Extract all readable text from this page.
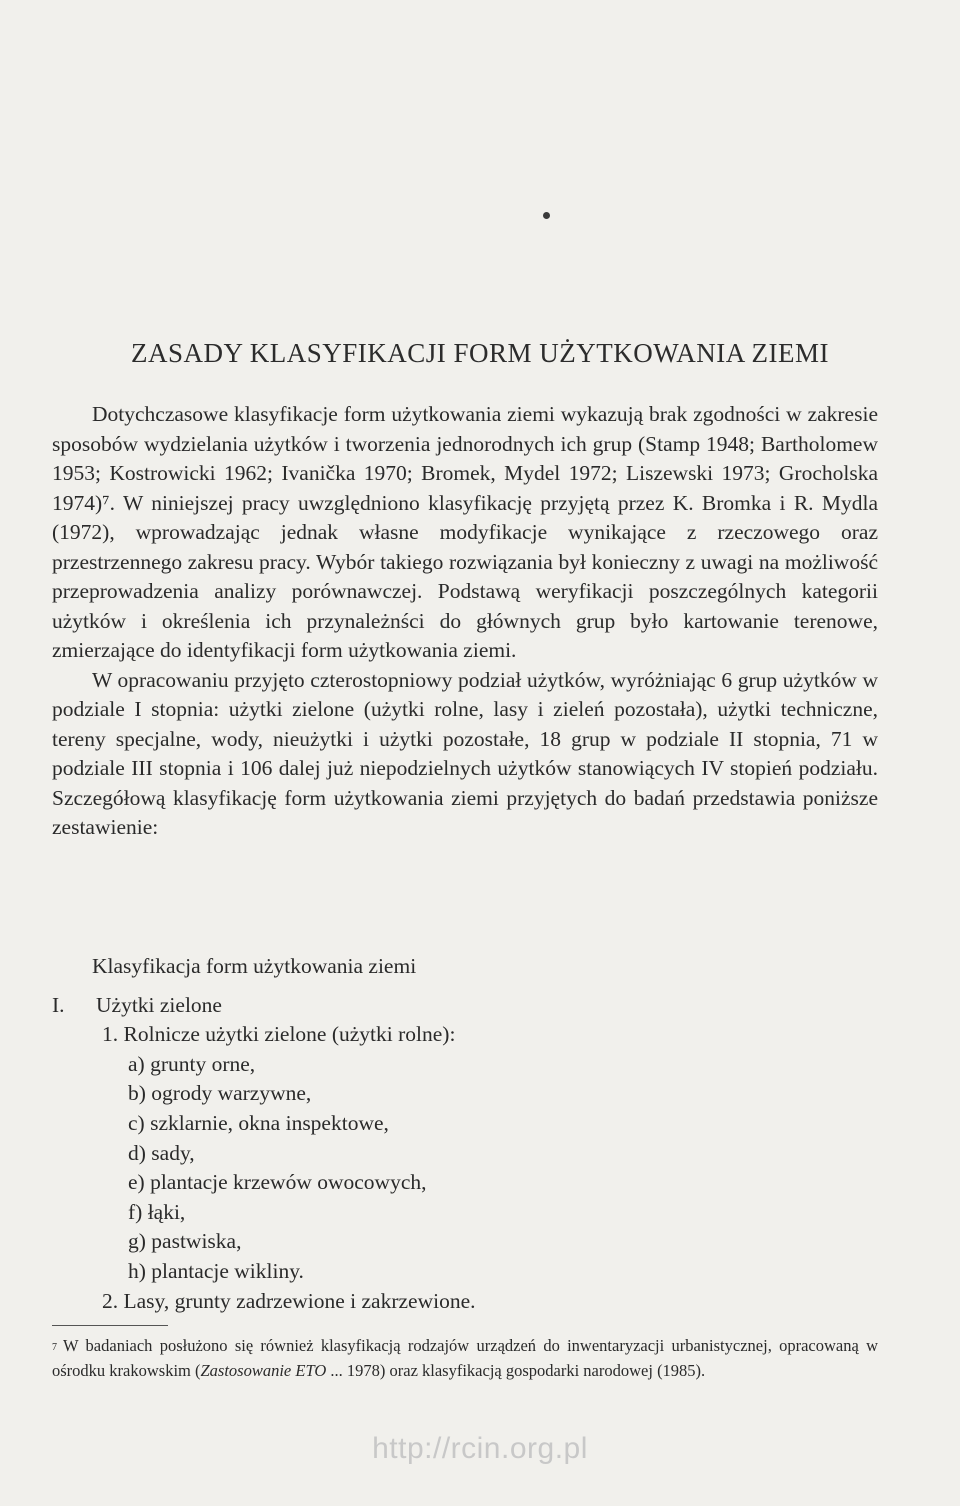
ZASADY KLASYFIKACJI FORM UŻYTKOWANIA ZIEMI

Dotychczasowe klasyfikacje form użytkowania ziemi wykazują brak zgodności w zakresie sposobów wydzielania użytków i tworzenia jednorodnych ich grup (Stamp 1948; Bartholomew 1953; Kostrowicki 1962; Ivanička 1970; Bromek, Mydel 1972; Liszewski 1973; Grocholska 1974)⁷. W niniejszej pracy uwzględniono klasyfikację przyjętą przez K. Bromka i R. Mydla (1972), wprowadzając jednak własne modyfikacje wynikające z rzeczowego oraz przestrzennego zakresu pracy. Wybór takiego rozwiązania był konieczny z uwagi na możliwość przeprowadzenia analizy porównawczej. Podstawą weryfikacji poszczególnych kategorii użytków i określenia ich przynależnści do głównych grup było kartowanie terenowe, zmierzające do identyfikacji form użytkowania ziemi.

W opracowaniu przyjęto czterostopniowy podział użytków, wyróżniając 6 grup użytków w podziale I stopnia: użytki zielone (użytki rolne, lasy i zieleń pozostała), użytki techniczne, tereny specjalne, wody, nieużytki i użytki pozostałe, 18 grup w podziale II stopnia, 71 w podziale III stopnia i 106 dalej już niepodzielnych użytków stanowiących IV stopień podziału. Szczegółową klasyfikację form użytkowania ziemi przyjętych do badań przedstawia poniższe zestawienie:

Klasyfikacja form użytkowania ziemi
I. Użytki zielone
1. Rolnicze użytki zielone (użytki rolne):
a) grunty orne,
b) ogrody warzywne,
c) szklarnie, okna inspektowe,
d) sady,
e) plantacje krzewów owocowych,
f) łąki,
g) pastwiska,
h) plantacje wikliny.
2. Lasy, grunty zadrzewione i zakrzewione.
$^7$ W badaniach posłużono się również klasyfikacją rodzajów urządzeń do inwentaryzacji urbanistycznej, opracowaną w ośrodku krakowskim (Zastosowanie ETO ... 1978) oraz klasyfikacją gospodarki narodowej (1985).
http://rcin.org.pl
